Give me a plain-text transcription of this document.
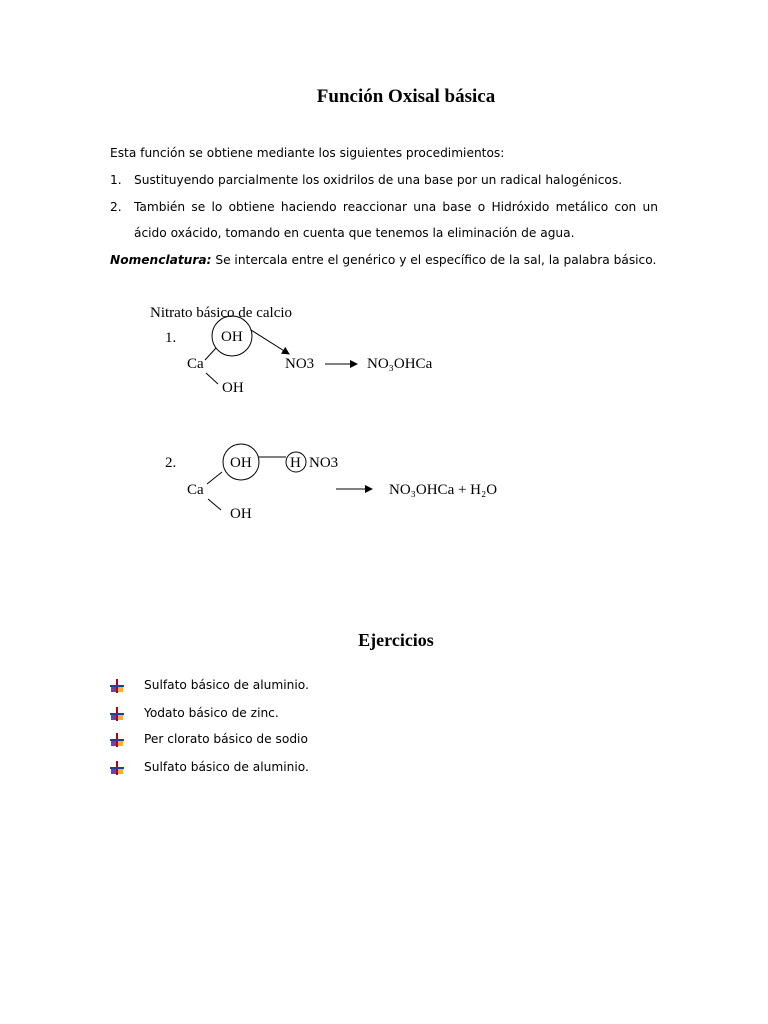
Función Oxisal básica
Esta función se obtiene mediante los siguientes procedimientos:
1. Sustituyendo parcialmente los oxidrilos de una base por un radical halogénicos.
2. También se lo obtiene haciendo reaccionar una base o Hidróxido metálico con un
ácido oxácido, tomando en cuenta que tenemos la eliminación de agua.
Nomenclatura: Se intercala entre el genérico y el específico de la sal, la palabra básico.
Nitrato básico de calcio
1.	OH
Ca
OH
NO3	NO₃OHCa
2.	OH	H NO3
Ca
OH
NO₃OHCa + H₂O
Ejercicios
Sulfato básico de aluminio.
Yodato básico de zinc.
Per clorato básico de sodio
Sulfato básico de aluminio.
